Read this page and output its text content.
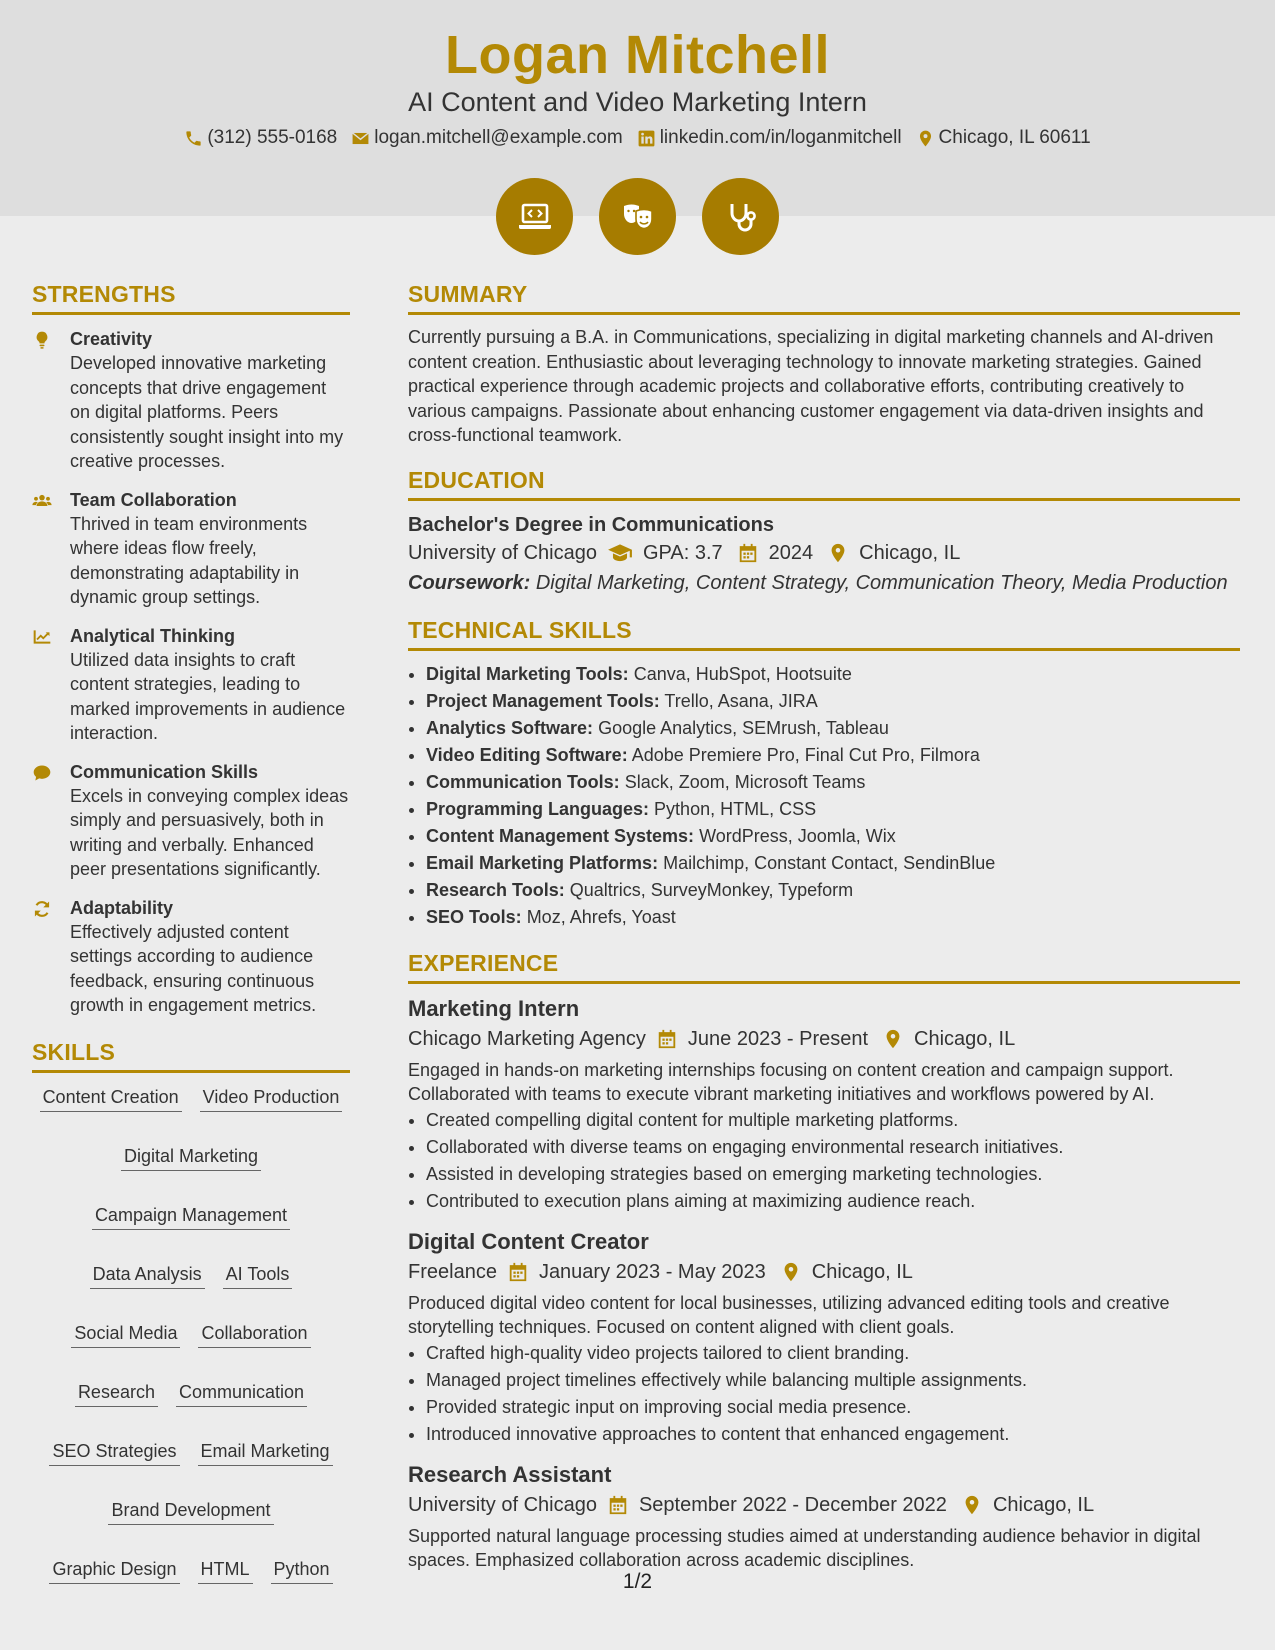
Logan Mitchell
AI Content and Video Marketing Intern
(312) 555-0168 logan.mitchell@example.com linkedin.com/in/loganmitchell Chicago, IL 60611
STRENGTHS
Creativity
Developed innovative marketing concepts that drive engagement on digital platforms. Peers consistently sought insight into my creative processes.
Team Collaboration
Thrived in team environments where ideas flow freely, demonstrating adaptability in dynamic group settings.
Analytical Thinking
Utilized data insights to craft content strategies, leading to marked improvements in audience interaction.
Communication Skills
Excels in conveying complex ideas simply and persuasively, both in writing and verbally. Enhanced peer presentations significantly.
Adaptability
Effectively adjusted content settings according to audience feedback, ensuring continuous growth in engagement metrics.
SKILLS
Content Creation Video Production
Digital Marketing
Campaign Management
Data Analysis AI Tools
Social Media Collaboration
Research Communication
SEO Strategies Email Marketing
Brand Development
Graphic Design HTML Python
SUMMARY
Currently pursuing a B.A. in Communications, specializing in digital marketing channels and AI-driven content creation. Enthusiastic about leveraging technology to innovate marketing strategies. Gained practical experience through academic projects and collaborative efforts, contributing creatively to various campaigns. Passionate about enhancing customer engagement via data-driven insights and cross-functional teamwork.
EDUCATION
Bachelor's Degree in Communications
University of Chicago GPA: 3.7 2024 Chicago, IL
Coursework: Digital Marketing, Content Strategy, Communication Theory, Media Production
TECHNICAL SKILLS
• Digital Marketing Tools: Canva, HubSpot, Hootsuite
• Project Management Tools: Trello, Asana, JIRA
• Analytics Software: Google Analytics, SEMrush, Tableau
• Video Editing Software: Adobe Premiere Pro, Final Cut Pro, Filmora
• Communication Tools: Slack, Zoom, Microsoft Teams
• Programming Languages: Python, HTML, CSS
• Content Management Systems: WordPress, Joomla, Wix
• Email Marketing Platforms: Mailchimp, Constant Contact, SendinBlue
• Research Tools: Qualtrics, SurveyMonkey, Typeform
• SEO Tools: Moz, Ahrefs, Yoast
EXPERIENCE
Marketing Intern
Chicago Marketing Agency June 2023 - Present Chicago, IL
Engaged in hands-on marketing internships focusing on content creation and campaign support. Collaborated with teams to execute vibrant marketing initiatives and workflows powered by AI.
• Created compelling digital content for multiple marketing platforms.
• Collaborated with diverse teams on engaging environmental research initiatives.
• Assisted in developing strategies based on emerging marketing technologies.
• Contributed to execution plans aiming at maximizing audience reach.
Digital Content Creator
Freelance January 2023 - May 2023 Chicago, IL
Produced digital video content for local businesses, utilizing advanced editing tools and creative storytelling techniques. Focused on content aligned with client goals.
• Crafted high-quality video projects tailored to client branding.
• Managed project timelines effectively while balancing multiple assignments.
• Provided strategic input on improving social media presence.
• Introduced innovative approaches to content that enhanced engagement.
Research Assistant
University of Chicago September 2022 - December 2022 Chicago, IL
Supported natural language processing studies aimed at understanding audience behavior in digital spaces. Emphasized collaboration across academic disciplines.
1/2
